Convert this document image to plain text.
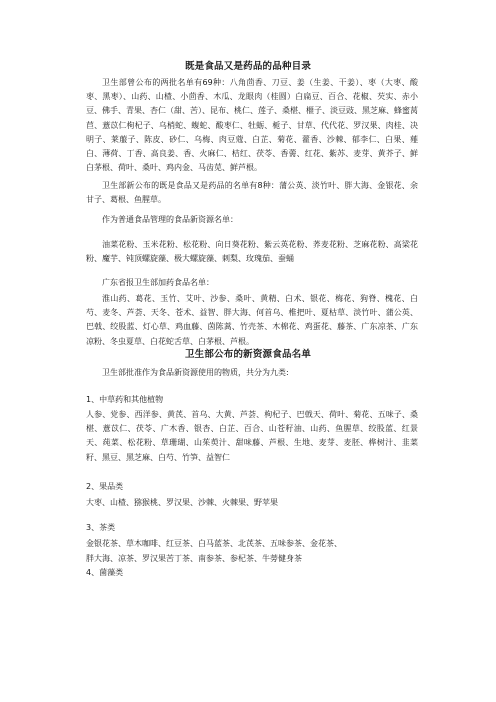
既是食品又是药品的品种目录

卫生部曾公布的两批名单有69种：八角茴香、刀豆、姜（生姜、干姜）、枣（大枣、酸枣、黑枣）、山药、山楂、小茴香、木瓜、龙眼肉（桂圆）白扁豆、百合、花椒、芡实、赤小豆、佛手、青果、杏仁（甜、苦）、昆布、桃仁、莲子、桑椹、榧子、淡豆豉、黑芝麻、蜂蜜莴苣、薏苡仁枸杞子、乌梢蛇、蝮蛇、酸枣仁、牡蛎、栀子、甘草、代代花、罗汉果、肉桂、决明子、莱菔子、陈皮、砂仁、乌梅、肉豆蔻、白芷、菊花、藿香、沙棘、郁李仁、白果、薤白、薄荷、丁香、高良姜、香、火麻仁、桔红、茯苓、香薷、红花、紫苏、麦芽、黄芥子、鲜白茅根、荷叶、桑叶、鸡内金、马齿苋、鲜芦根。

卫生部新公布的既是食品又是药品的名单有8种：蒲公英、淡竹叶、胖大海、金银花、余甘子、葛根、鱼腥草。

作为普通食品管理的食品新资源名单：

油菜花粉、玉米花粉、松花粉、向日葵花粉、紫云英花粉、荞麦花粉、芝麻花粉、高梁花粉、魔芋、钝顶螺旋藻、极大螺旋藻、刺梨、玫瑰茄、蚕蛹

广东省报卫生部加药食品名单：

淮山药、葛花、玉竹、艾叶、沙参、桑叶、黄精、白术、银花、梅花、狗脊、槐花、白芍、麦冬、芦荟、天冬、苍术、益智、胖大海、何首乌、椎把叶、夏枯草、淡竹叶、蒲公英、巴戟、绞股蓝、灯心草、鸡血藤、茵陈蒿、竹壳茶、木棉花、鸡蛋花、藤茶、广东凉茶、广东凉粉、冬虫夏草、白花蛇舌草、白茅根、芦根。

卫生部公布的新资源食品名单

卫生部批准作为食品新资源使用的物质，共分为九类:

1、中草药和其他植物

人参、党参、西洋参、黄芪、首乌、大黄、芦荟、枸杞子、巴戟天、荷叶、菊花、五味子、桑椹、薏苡仁、茯苓、广木香、银杏、白芷、百合、山苍籽油、山药、鱼腥草、绞股蓝、红景天、莼菜、松花粉、草珊瑚、山茱萸汁、甜味藤、芦根、生地、麦芽、麦胚、桦树汁、韭菜籽、黑豆、黑芝麻、白芍、竹笋、益智仁

2、果品类
大枣、山楂、猕猴桃、罗汉果、沙棘、火棘果、野苹果
3、茶类
金银花茶、草木咖啡、红豆茶、白马蓝茶、北芪茶、五味参茶、金花茶、
胖大海、凉茶、罗汉果苦丁茶、南参茶、参杞茶、牛蒡健身茶
4、菌藻类
